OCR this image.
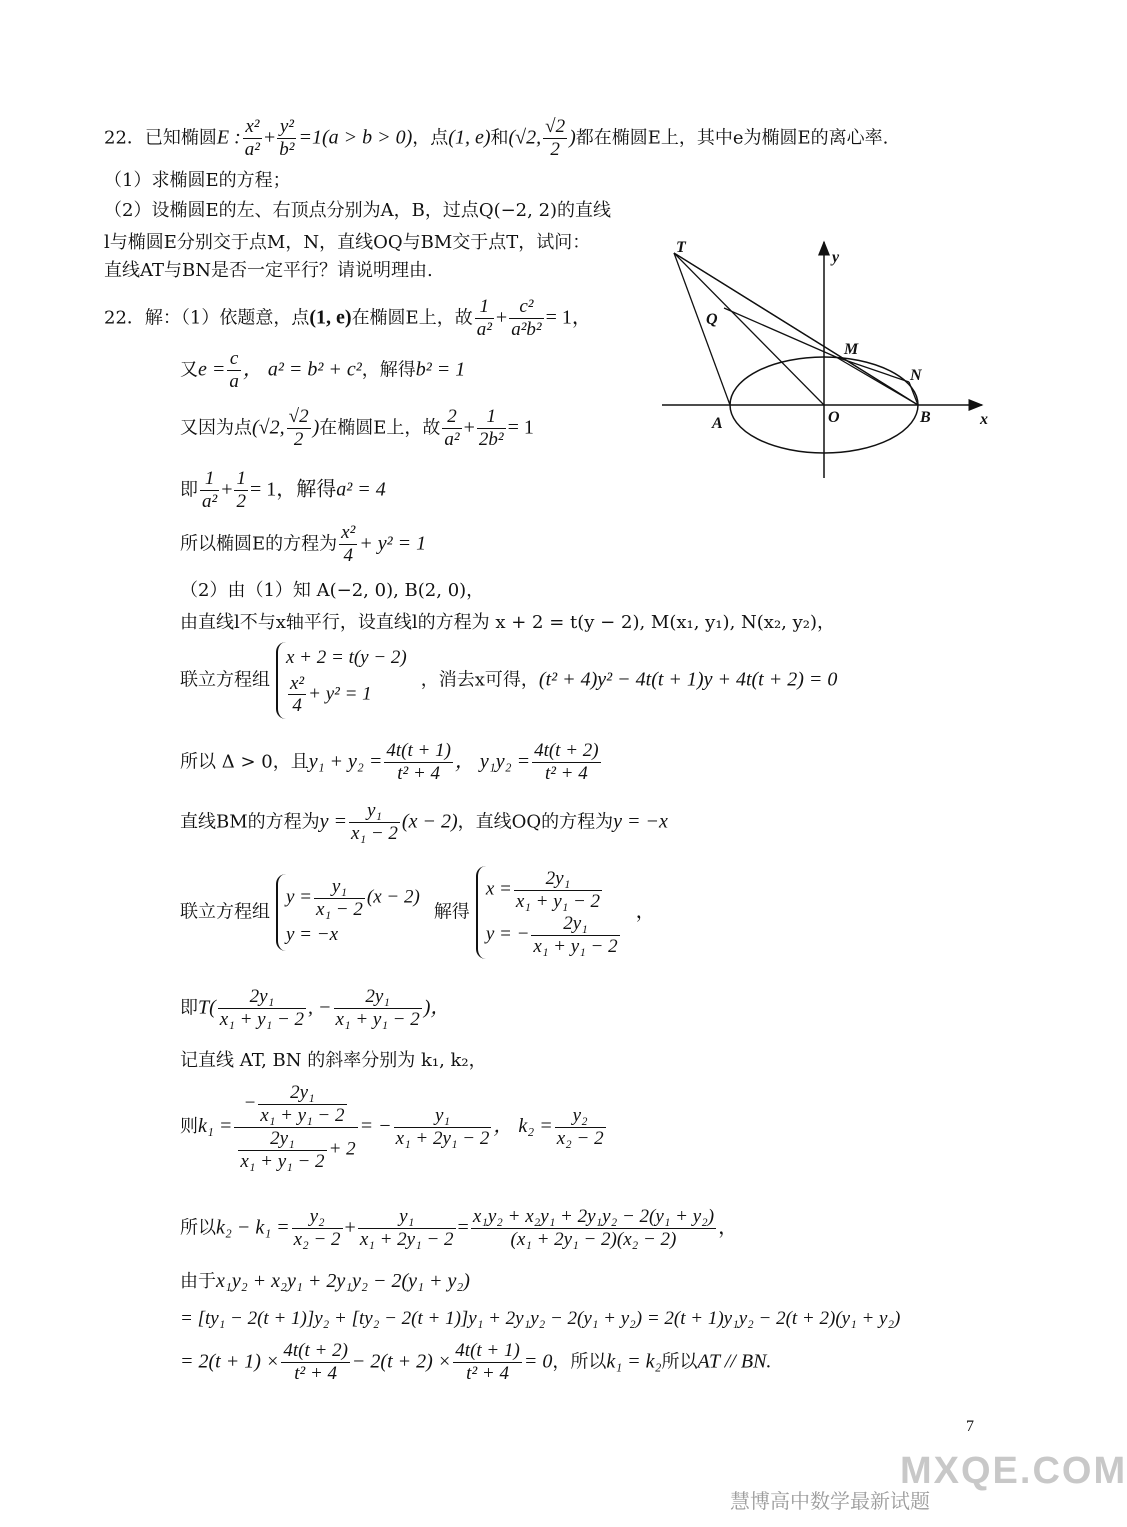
22．已知椭圆E : $\frac{\text{x²}}{\text{a²}} + \frac{\text{y²}}{\text{b²}} =1(a > b > 0)$，点(1, e)和(√2, $\frac{√2}{2}$ )都在椭圆E上，其中e为椭圆E的离心率.
（1）求椭圆E的方程；
（2）设椭圆E的左、右顶点分别为A，B，过点Q(−2, 2)的直线
l与椭圆E分别交于点M，N，直线OQ与BM交于点T，试问：
直线AT与BN是否一定平行？请说明理由.
T
Q
M
N
A	O	B	x
y
22．解：（1）依题意，点(1, e)在椭圆E上，故 $\frac{1}{\text{a²}} + \frac{\text{c²}}{\text{a²b²}} = 1$，
又$e = \frac{c}{a}$ ， a² = b² + c²，解得b² = 1
又因为点(√2, $\frac{√2}{2}$ )在椭圆E上，故 $\frac{2}{\text{a²}} + \frac{1}{\text{2b²}} = 1$
即 $\frac{1}{\text{a²}} + \frac{1}{2} = 1$，解得a² = 4
所以椭圆E的方程为 $\frac{\text{x²}}{4} + y^2 = 1$
（2）由（1）知 A(−2, 0), B(2, 0)，
由直线l不与x轴平行，设直线l的方程为 x + 2 = t(y − 2), M(x₁, y₁), N(x₂, y₂)，
联立方程组
x + 2 = t(y − 2)
$\frac{\text{x²}}{4} + y^2 = 1$
，消去x可得，(t² + 4)y² − 4t(t + 1)y + 4t(t + 2) = 0
所以 Δ > 0，且$y_1 + y_2 = \frac{4t(t + 1)}{\text{t² + 4}}$ ， $y_1y_2 = \frac{4t(t + 2)}{\text{t² + 4}}$
直线BM的方程为$y = \frac{\text{y₁}}{\text{x₁ − 2}} (x - 2)$，直线OQ的方程为y = −x
联立方程组
$y = \frac{\text{y₁}}{\text{x₁ − 2}} (x - 2)$
y = −x
解得
$x = \frac{\text{2y₁}}{\text{x₁ + y₁ − 2}}$
y = − $\frac{\text{2y₁}}{\text{x₁ + y₁ − 2}}$
，
即$T( \frac{\text{2y₁}}{\text{x₁ + y₁ − 2}}$ , − $\frac{\text{2y₁}}{\text{x₁ + y₁ − 2}}$ )，
记直线 AT, BN 的斜率分别为 k₁, k₂，
则$k_1 = \frac{- \frac{\text{2y₁}}{\text{x₁ + y₁ − 2}}}{\frac{\text{2y₁}}{\text{x₁ + y₁ − 2}} + 2}$ = − $\frac{\text{y₁}}{\text{x₁ + 2y₁ − 2}}$ ， $k_2 = \frac{\text{y₂}}{\text{x₂ − 2}}$
所以$k_2 - k_1 = \frac{\text{y₂}}{\text{x₂ − 2}} + \frac{\text{y₁}}{\text{x₁ + 2y₁ − 2}} = \frac{\text{x₁y₂ + x₂y₁ + 2y₁y₂ − 2(y₁ + y₂)}}{\text{(x₁ + 2y₁ − 2)(x₂ − 2)}}$ ，
由于x₁y₂ + x₂y₁ + 2y₁y₂ − 2(y₁ + y₂)
= [ty₁ − 2(t + 1)]y₂ + [ty₂ − 2(t + 1)]y₁ + 2y₁y₂ − 2(y₁ + y₂) = 2(t + 1)y₁y₂ − 2(t + 2)(y₁ + y₂)
= $2(t + 1) \times \frac{4t(t + 2)}{\text{t² + 4}} - 2(t + 2) \times \frac{4t(t + 1)}{\text{t² + 4}} = 0$，所以k₁ = k₂所以AT // BN.
7
MXQE.COM
慧博高中数学最新试题
